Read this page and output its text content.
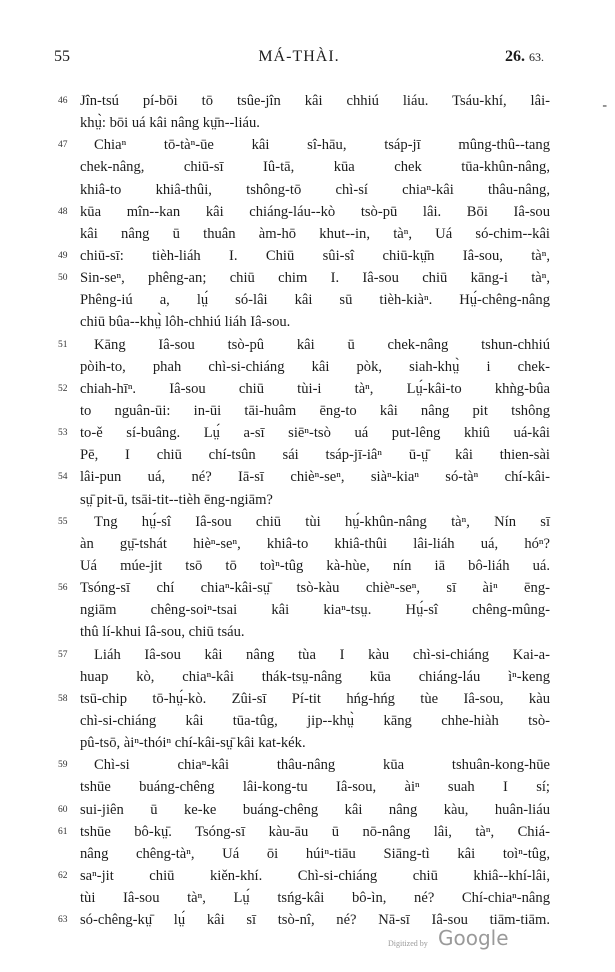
55	MÁ-THÀI.	26. 63.
-
46 Jîn-tsú pí-bōi tō tsûe-jîn kâi chhiú liáu. Tsáu-khí, lâi-
khṳ̀: bōi uá kâi nâng kṳ̄n--liáu.
47	Chiaⁿ tō-tàⁿ-ūe kâi sî-hāu, tsáp-jī mûng-thû--tang
chek-nâng, chiū-sī Iû-tā, kūa chek tūa-khûn-nâng,
khiâ-to khiâ-thûi, tshông-tō chì-sí chiaⁿ-kâi thâu-nâng,
48 kūa mîn--kan kâi chiáng-láu--kò tsò-pū lâi. Bōi Iâ-sou
kâi nâng ū thuân àm-hō khut--in, tàⁿ, Uá só-chim--kâi
49 chiū-sī: tièh-liáh I. Chiū sûi-sî chiū-kṳ̄n Iâ-sou, tàⁿ,
50 Sin-seⁿ, phêng-an; chiū chim I. Iâ-sou chiū kāng-i tàⁿ,
Phêng-iú a, lṳ́ só-lâi kâi sū tièh-kiàⁿ. Hṳ́-chêng-nâng
chiū bûa--khṳ̀ lôh-chhiú liáh Iâ-sou.
51	Kāng Iâ-sou tsò-pû kâi ū chek-nâng tshun-chhiú
pòih-to, phah chì-si-chiáng kâi pòk, siah-khṳ̀ i chek-
52 chiah-hīⁿ. Iâ-sou chiū tùi-i tàⁿ, Lṳ́-kâi-to khǹg-bûa
to nguân-ūi: in-ūi tāi-huâm ēng-to kâi nâng pit tshông
53 to-ě sí-buâng. Lṳ́ a-sī siēⁿ-tsò uá put-lêng khiû uá-kâi
Pē, I chiū chí-tsûn sái tsáp-jī-iâⁿ ū-ṳ̄ kâi thien-sài
54 lâi-pun uá, né? Iā-sī chièⁿ-seⁿ, siàⁿ-kiaⁿ só-tàⁿ chí-kâi-
sṳ̄ pit-ū, tsāi-tit--tièh ēng-ngiām?
55	Tng hṳ́-sî Iâ-sou chiū tùi hṳ́-khûn-nâng tàⁿ, Nín sī
àn gṳ̄-tshát hièⁿ-seⁿ, khiâ-to khiâ-thûi lâi-liáh uá, hóⁿ?
Uá múe-jit tsō tō toìⁿ-tûg kà-hùe, nín iā bô-liáh uá.
56 Tsóng-sī chí chiaⁿ-kâi-sṳ̄ tsò-kàu chièⁿ-seⁿ, sī àiⁿ ēng-
ngiām chêng-soiⁿ-tsai kâi kiaⁿ-tsṳ. Hṳ́-sî chêng-mûng-
thû lí-khui Iâ-sou, chiū tsáu.
57	Liáh Iâ-sou kâi nâng tùa I kàu chì-si-chiáng Kai-a-
huap kò, chiaⁿ-kâi thák-tsṳ-nâng kūa chiáng-láu ìⁿ-keng
58 tsū-chip tō-hṳ́-kò. Zûi-sī Pí-tit hńg-hńg tùe Iâ-sou, kàu
chì-si-chiáng kâi tūa-tûg, jip--khṳ̀ kāng chhe-hiàh tsò-
pû-tsō, àiⁿ-thóiⁿ chí-kâi-sṳ̄ kâi kat-kék.
59	Chì-si chiaⁿ-kâi thâu-nâng kūa tshuân-kong-hūe
tshūe buáng-chêng lâi-kong-tu Iâ-sou, àiⁿ suah I sí;
60 sui-jiên ū ke-ke buáng-chêng kâi nâng kàu, huân-liáu
61 tshūe bô-kṳ̄. Tsóng-sī kàu-āu ū nō-nâng lâi, tàⁿ, Chiá-
nâng chêng-tàⁿ, Uá ōi húiⁿ-tiāu Siāng-tì kâi toìⁿ-tûg,
62 saⁿ-jit chiū kiěn-khí. Chì-si-chiáng chiū khiâ--khí-lâi,
tùi Iâ-sou tàⁿ, Lṳ́ tsńg-kâi bô-ìn, né? Chí-chiaⁿ-nâng
63 só-chêng-kṳ̄ lṳ́ kâi sī tsò-nî, né? Nā-sī Iâ-sou tiām-tiām.
Digitized by Google
